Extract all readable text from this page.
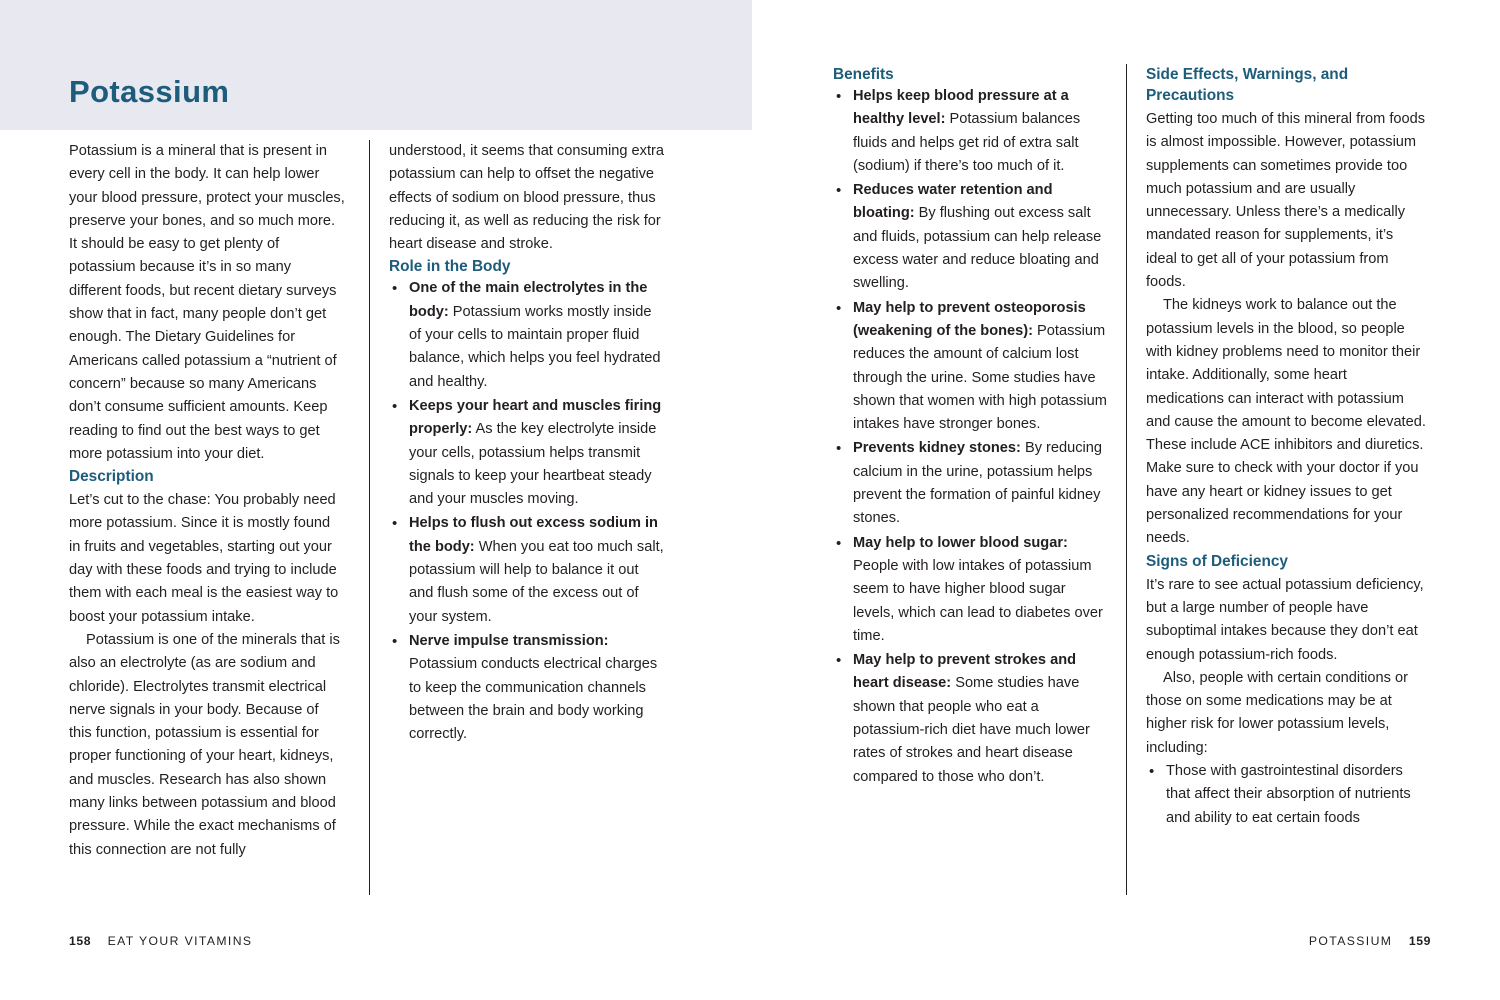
Potassium

Potassium is a mineral that is present in every cell in the body. It can help lower your blood pressure, protect your muscles, preserve your bones, and so much more. It should be easy to get plenty of potassium because it’s in so many different foods, but recent dietary surveys show that in fact, many people don’t get enough. The Dietary Guidelines for Americans called potassium a “nutrient of concern” because so many Americans don’t consume sufficient amounts. Keep reading to find out the best ways to get more potassium into your diet.

Description

Let’s cut to the chase: You probably need more potassium. Since it is mostly found in fruits and vegetables, starting out your day with these foods and trying to include them with each meal is the easiest way to boost your potassium intake.

Potassium is one of the minerals that is also an electrolyte (as are sodium and chloride). Electrolytes transmit electrical nerve signals in your body. Because of this function, potassium is essential for proper functioning of your heart, kidneys, and muscles. Research has also shown many links between potassium and blood pressure. While the exact mechanisms of this connection are not fully

understood, it seems that consuming extra potassium can help to offset the negative effects of sodium on blood pressure, thus reducing it, as well as reducing the risk for heart disease and stroke.

Role in the Body
• One of the main electrolytes in the body: Potassium works mostly inside of your cells to maintain proper fluid balance, which helps you feel hydrated and healthy.
• Keeps your heart and muscles firing properly: As the key electrolyte inside your cells, potassium helps transmit signals to keep your heartbeat steady and your muscles moving.
• Helps to flush out excess sodium in the body: When you eat too much salt, potassium will help to balance it out and flush some of the excess out of your system.
• Nerve impulse transmission: Potassium conducts electrical charges to keep the communication channels between the brain and body working correctly.
Benefits
• Helps keep blood pressure at a healthy level: Potassium balances fluids and helps get rid of extra salt (sodium) if there’s too much of it.
• Reduces water retention and bloating: By flushing out excess salt and fluids, potassium can help release excess water and reduce bloating and swelling.
• May help to prevent osteoporosis (weakening of the bones): Potassium reduces the amount of calcium lost through the urine. Some studies have shown that women with high potassium intakes have stronger bones.
• Prevents kidney stones: By reducing calcium in the urine, potassium helps prevent the formation of painful kidney stones.
• May help to lower blood sugar: People with low intakes of potassium seem to have higher blood sugar levels, which can lead to diabetes over time.
• May help to prevent strokes and heart disease: Some studies have shown that people who eat a potassium-rich diet have much lower rates of strokes and heart disease compared to those who don’t.
Side Effects, Warnings, and Precautions

Getting too much of this mineral from foods is almost impossible. However, potassium supplements can sometimes provide too much potassium and are usually unnecessary. Unless there’s a medically mandated reason for supplements, it’s ideal to get all of your potassium from foods.

The kidneys work to balance out the potassium levels in the blood, so people with kidney problems need to monitor their intake. Additionally, some heart medications can interact with potassium and cause the amount to become elevated. These include ACE inhibitors and diuretics. Make sure to check with your doctor if you have any heart or kidney issues to get personalized recommendations for your needs.

Signs of Deficiency

It’s rare to see actual potassium deficiency, but a large number of people have suboptimal intakes because they don’t eat enough potassium-rich foods.

Also, people with certain conditions or those on some medications may be at higher risk for lower potassium levels, including:

• Those with gastrointestinal disorders that affect their absorption of nutrients and ability to eat certain foods
158 EAT YOUR VITAMINS	POTASSIUM 159
